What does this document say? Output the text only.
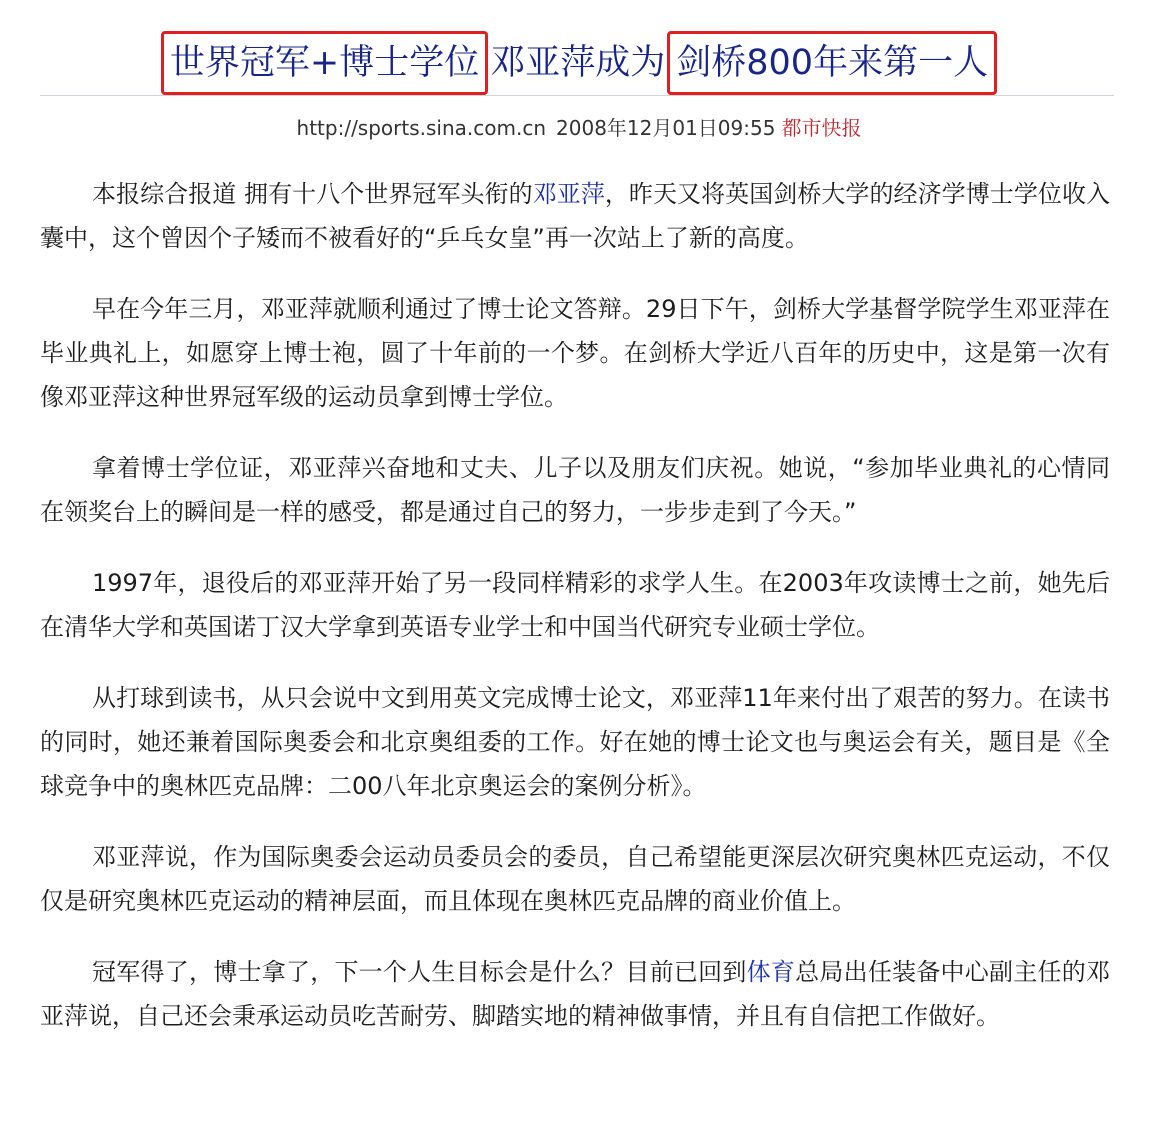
世界冠军+博士学位 邓亚萍成为 剑桥800年来第一人
http://sports.sina.com.cn 2008年12月01日09:55 都市快报

本报综合报道 拥有十八个世界冠军头衔的邓亚萍，昨天又将英国剑桥大学的经济学博士学位收入囊中，这个曾因个子矮而不被看好的“乒乓女皇”再一次站上了新的高度。

早在今年三月，邓亚萍就顺利通过了博士论文答辩。29日下午，剑桥大学基督学院学生邓亚萍在毕业典礼上，如愿穿上博士袍，圆了十年前的一个梦。在剑桥大学近八百年的历史中，这是第一次有像邓亚萍这种世界冠军级的运动员拿到博士学位。

拿着博士学位证，邓亚萍兴奋地和丈夫、儿子以及朋友们庆祝。她说，“参加毕业典礼的心情同在领奖台上的瞬间是一样的感受，都是通过自己的努力，一步步走到了今天。”

1997年，退役后的邓亚萍开始了另一段同样精彩的求学人生。在2003年攻读博士之前，她先后在清华大学和英国诺丁汉大学拿到英语专业学士和中国当代研究专业硕士学位。

从打球到读书，从只会说中文到用英文完成博士论文，邓亚萍11年来付出了艰苦的努力。在读书的同时，她还兼着国际奥委会和北京奥组委的工作。好在她的博士论文也与奥运会有关，题目是《全球竞争中的奥林匹克品牌：二00八年北京奥运会的案例分析》。

邓亚萍说，作为国际奥委会运动员委员会的委员，自己希望能更深层次研究奥林匹克运动，不仅仅是研究奥林匹克运动的精神层面，而且体现在奥林匹克品牌的商业价值上。

冠军得了，博士拿了，下一个人生目标会是什么？目前已回到体育总局出任装备中心副主任的邓亚萍说，自己还会秉承运动员吃苦耐劳、脚踏实地的精神做事情，并且有自信把工作做好。
